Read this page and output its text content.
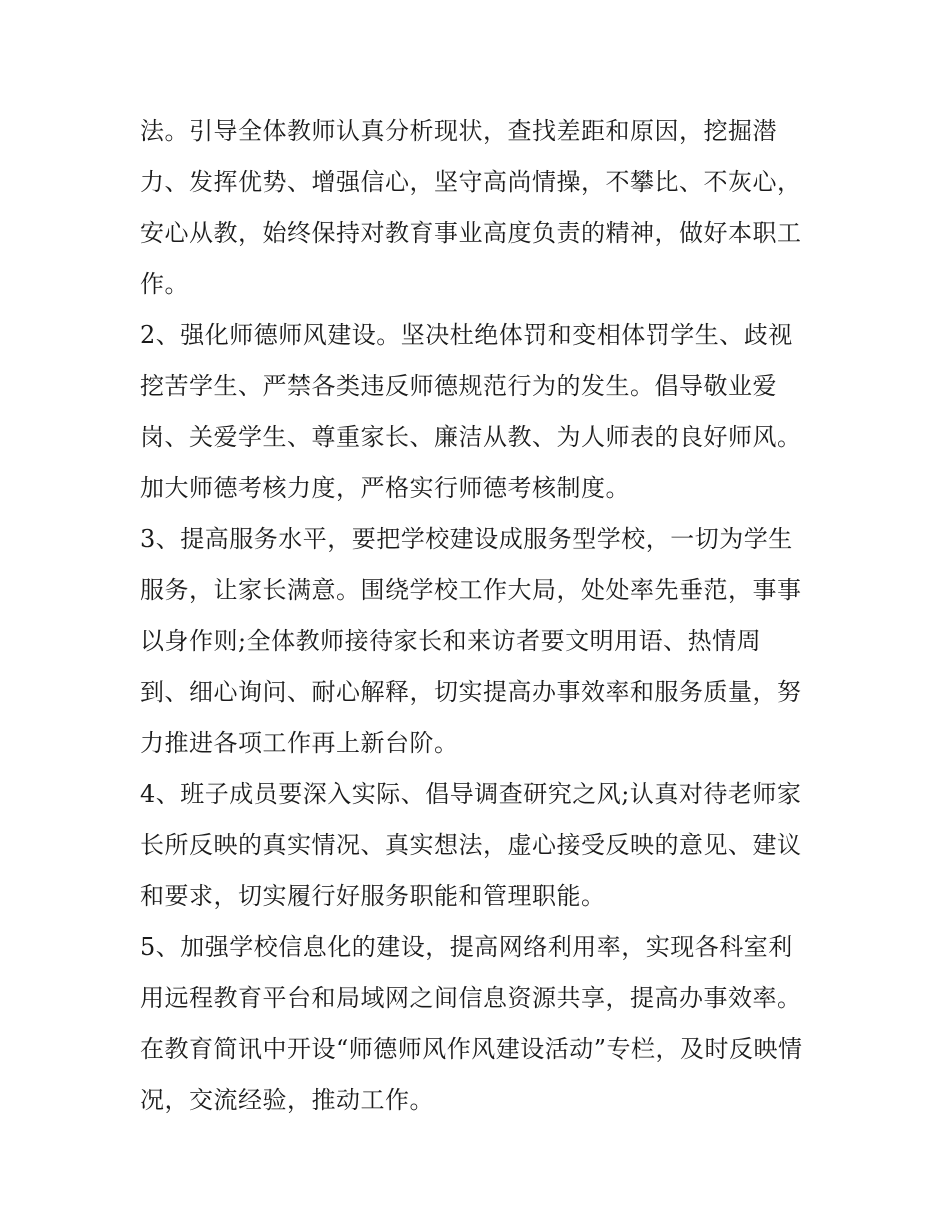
法。引导全体教师认真分析现状，查找差距和原因，挖掘潜
力、发挥优势、增强信心，坚守高尚情操，不攀比、不灰心，
安心从教，始终保持对教育事业高度负责的精神，做好本职工
作。
2、强化师德师风建设。坚决杜绝体罚和变相体罚学生、歧视
挖苦学生、严禁各类违反师德规范行为的发生。倡导敬业爱
岗、关爱学生、尊重家长、廉洁从教、为人师表的良好师风。
加大师德考核力度，严格实行师德考核制度。
3、提高服务水平，要把学校建设成服务型学校，一切为学生
服务，让家长满意。围绕学校工作大局，处处率先垂范，事事
以身作则;全体教师接待家长和来访者要文明用语、热情周
到、细心询问、耐心解释，切实提高办事效率和服务质量，努
力推进各项工作再上新台阶。
4、班子成员要深入实际、倡导调查研究之风;认真对待老师家
长所反映的真实情况、真实想法，虚心接受反映的意见、建议
和要求，切实履行好服务职能和管理职能。
5、加强学校信息化的建设，提高网络利用率，实现各科室利
用远程教育平台和局域网之间信息资源共享，提高办事效率。
在教育简讯中开设“师德师风作风建设活动”专栏，及时反映情
况，交流经验，推动工作。
